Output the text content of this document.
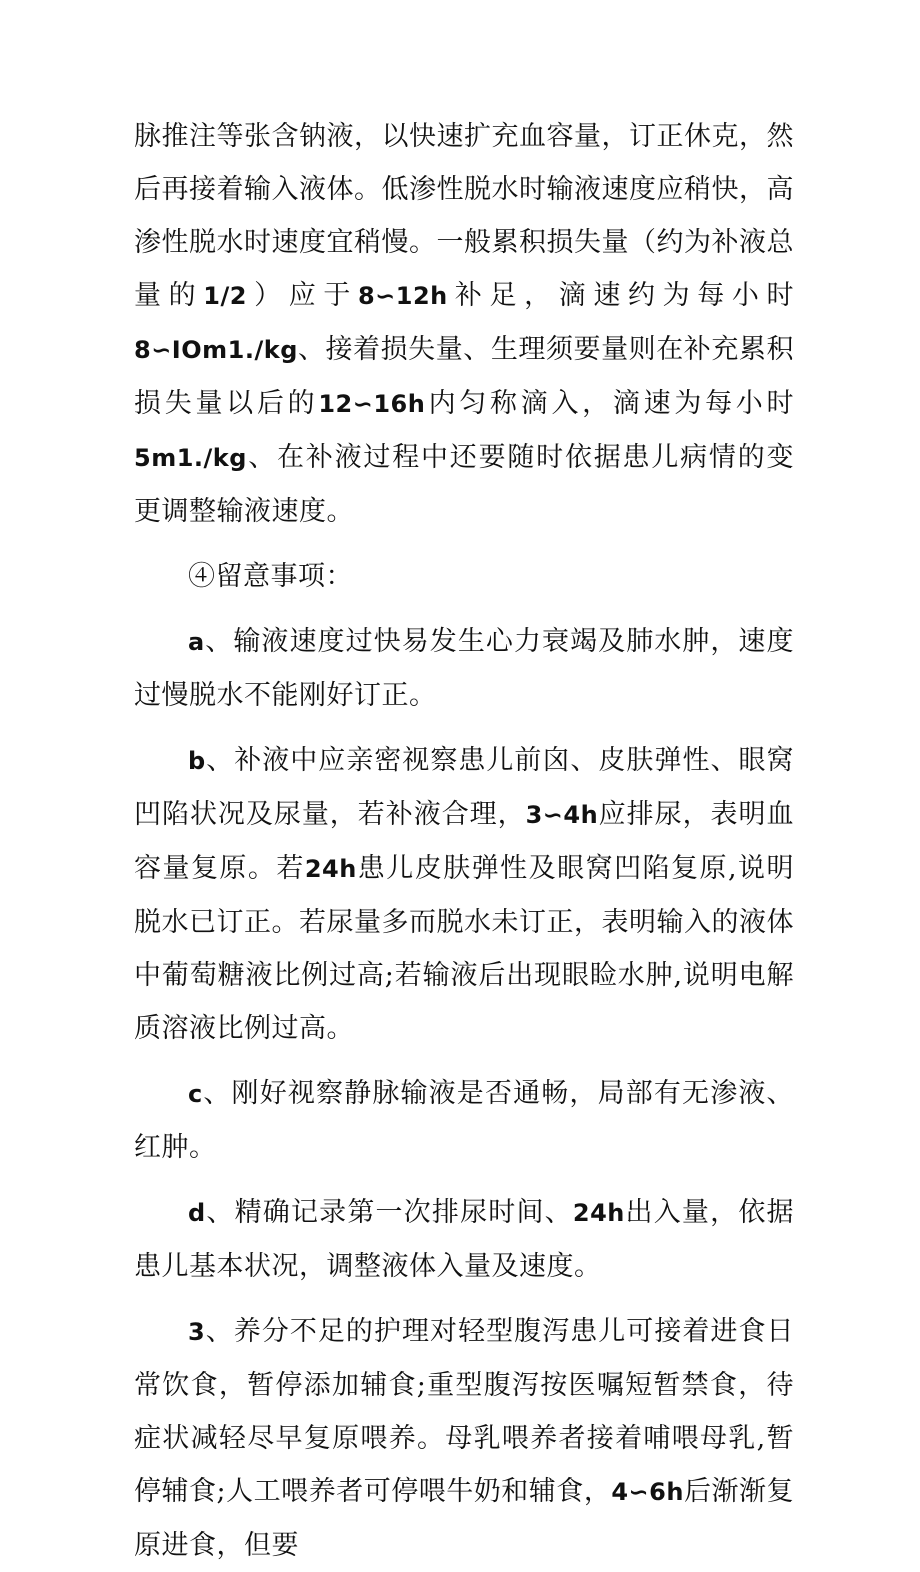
脉推注等张含钠液，以快速扩充血容量，订正休克，然后再接着输入液体。低渗性脱水时输液速度应稍快，高渗性脱水时速度宜稍慢。一般累积损失量（约为补液总量的1/2）应于8∽12h补足，滴速约为每小时8∽IOm1./kg、接着损失量、生理须要量则在补充累积损失量以后的12∽16h内匀称滴入，滴速为每小时5m1./kg、在补液过程中还要随时依据患儿病情的变更调整输液速度。

④留意事项：

a、输液速度过快易发生心力衰竭及肺水肿，速度过慢脱水不能刚好订正。

b、补液中应亲密视察患儿前囟、皮肤弹性、眼窝凹陷状况及尿量，若补液合理，3∽4h应排尿，表明血容量复原。若24h患儿皮肤弹性及眼窝凹陷复原,说明脱水已订正。若尿量多而脱水未订正，表明输入的液体中葡萄糖液比例过高;若输液后出现眼睑水肿,说明电解质溶液比例过高。

c、刚好视察静脉输液是否通畅，局部有无渗液、红肿。

d、精确记录第一次排尿时间、24h出入量，依据患儿基本状况，调整液体入量及速度。

3、养分不足的护理对轻型腹泻患儿可接着进食日常饮食，暂停添加辅食;重型腹泻按医嘱短暂禁食，待症状减轻尽早复原喂养。母乳喂养者接着哺喂母乳,暂停辅食;人工喂养者可停喂牛奶和辅食，4∽6h后渐渐复原进食，但要
